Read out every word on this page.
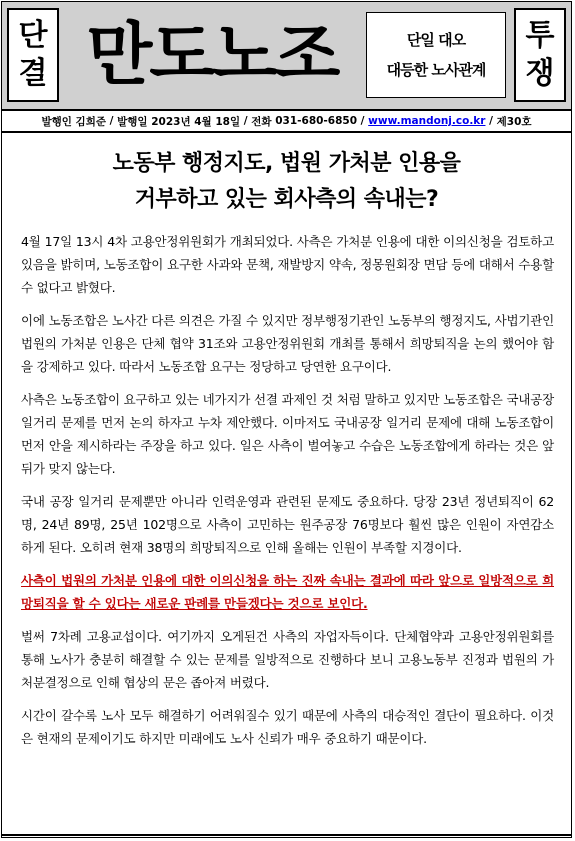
단
결 만도노조	단일 대오
대등한 노사관계
투
쟁
발행인
김희준 / 발행일
2023년 4월 18일 / 전화
031-680-6850 / www.mandonj.co.kr / 제30호
노동부 행정지도, 법원 가처분 인용을
거부하고 있는 회사측의 속내는?

4월 17일 13시 4차 고용안정위원회가 개최되었다. 사측은 가처분 인용에 대한 이의신청을 검토하고 있음을 밝히며, 노동조합이 요구한 사과와 문책, 재발방지 약속, 정몽원회장 면담 등에 대해서 수용할 수 없다고 밝혔다.

이에 노동조합은 노사간 다른 의견은 가질 수 있지만 정부행정기관인 노동부의 행정지도, 사법기관인 법원의 가처분 인용은 단체 협약 31조와 고용안정위원회 개최를 통해서 희망퇴직을 논의 했어야 함을 강제하고 있다. 따라서 노동조합 요구는 정당하고 당연한 요구이다.

사측은 노동조합이 요구하고 있는 네가지가 선결 과제인 것 처럼 말하고 있지만 노동조합은 국내공장 일거리 문제를 먼저 논의 하자고 누차 제안했다. 이마저도 국내공장 일거리 문제에 대해 노동조합이 먼저 안을 제시하라는 주장을 하고 있다. 일은 사측이 벌여놓고 수습은 노동조합에게 하라는 것은 앞뒤가 맞지 않는다.

국내 공장 일거리 문제뿐만 아니라 인력운영과 관련된 문제도 중요하다. 당장 23년 정년퇴직이 62명, 24년 89명, 25년 102명으로 사측이 고민하는 원주공장 76명보다 훨씬 많은 인원이 자연감소 하게 된다. 오히려 현재 38명의 희망퇴직으로 인해 올해는 인원이 부족할 지경이다.

사측이 법원의 가처분 인용에 대한 이의신청을 하는 진짜 속내는 결과에 따라 앞으로 일방적으로 희망퇴직을 할 수 있다는 새로운 판례를 만들겠다는 것으로 보인다.

벌써 7차례 고용교섭이다. 여기까지 오게된건 사측의 자업자득이다. 단체협약과 고용안정위원회를 통해 노사가 충분히 해결할 수 있는 문제를 일방적으로 진행하다 보니 고용노동부 진정과 법원의 가처분결정으로 인해 협상의 문은 좁아져 버렸다.

시간이 갈수록 노사 모두 해결하기 어려워질수 있기 때문에 사측의 대승적인 결단이 필요하다. 이것은 현재의 문제이기도 하지만 미래에도 노사 신뢰가 매우 중요하기 때문이다.
